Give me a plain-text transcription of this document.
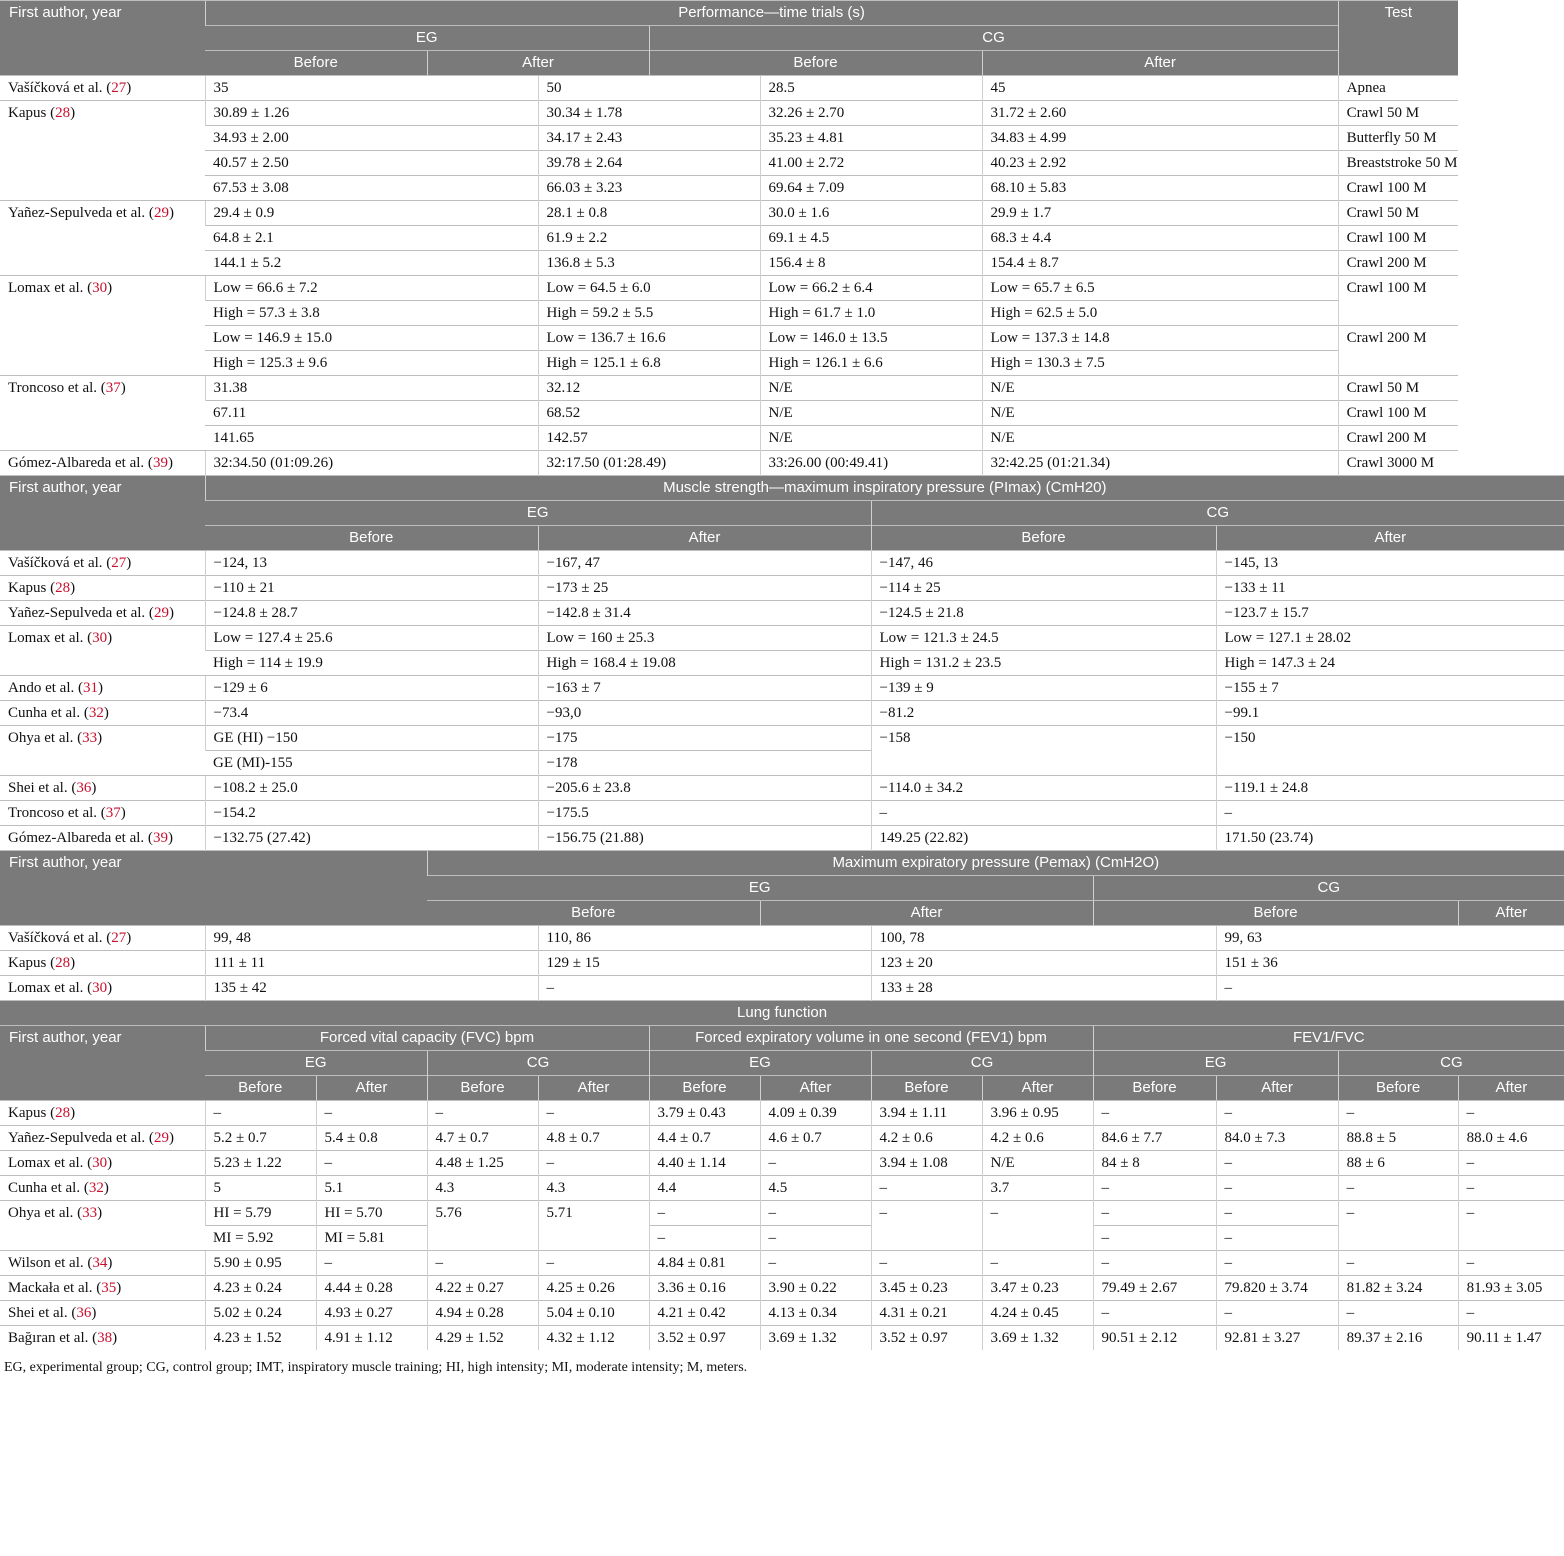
First author, year	Performance—time trials (s)										Test	
	EG				CG							
	Before		After		Before			After				
Vašíčková et al. (27)	35			50		28.5		45			Apnea	
Kapus (28)	30.89 ± 1.26			30.34 ± 1.78		32.26 ± 2.70		31.72 ± 2.60			Crawl 50 M	
	34.93 ± 2.00			34.17 ± 2.43		35.23 ± 4.81		34.83 ± 4.99			Butterfly 50 M	
	40.57 ± 2.50			39.78 ± 2.64		41.00 ± 2.72		40.23 ± 2.92			Breaststroke 50 M	
	67.53 ± 3.08			66.03 ± 3.23		69.64 ± 7.09		68.10 ± 5.83			Crawl 100 M	
Yañez-Sepulveda et al. (29)	29.4 ± 0.9			28.1 ± 0.8		30.0 ± 1.6		29.9 ± 1.7			Crawl 50 M	
	64.8 ± 2.1			61.9 ± 2.2		69.1 ± 4.5		68.3 ± 4.4			Crawl 100 M	
	144.1 ± 5.2			136.8 ± 5.3		156.4 ± 8		154.4 ± 8.7			Crawl 200 M	
Lomax et al. (30)	Low = 66.6 ± 7.2			Low = 64.5 ± 6.0		Low = 66.2 ± 6.4		Low = 65.7 ± 6.5			Crawl 100 M	
	High = 57.3 ± 3.8			High = 59.2 ± 5.5		High = 61.7 ± 1.0		High = 62.5 ± 5.0				
	Low = 146.9 ± 15.0			Low = 136.7 ± 16.6		Low = 146.0 ± 13.5		Low = 137.3 ± 14.8			Crawl 200 M	
	High = 125.3 ± 9.6			High = 125.1 ± 6.8		High = 126.1 ± 6.6		High = 130.3 ± 7.5				
Troncoso et al. (37)	31.38			32.12		N/E		N/E			Crawl 50 M	
	67.11			68.52		N/E		N/E			Crawl 100 M	
	141.65			142.57		N/E		N/E			Crawl 200 M	
Gómez-Albareda et al. (39)	32:34.50 (01:09.26)			32:17.50 (01:28.49)		33:26.00 (00:49.41)		32:42.25 (01:21.34)			Crawl 3000 M	
First author, year	Muscle strength—maximum inspiratory pressure (PImax) (CmH20)											
	EG						CG					
	Before			After			Before			After		
Vašíčková et al. (27)	−124, 13			−167, 47			−147, 46			−145, 13		
Kapus (28)	−110 ± 21			−173 ± 25			−114 ± 25			−133 ± 11		
Yañez-Sepulveda et al. (29)	−124.8 ± 28.7			−142.8 ± 31.4			−124.5 ± 21.8			−123.7 ± 15.7		
Lomax et al. (30)	Low = 127.4 ± 25.6			Low = 160 ± 25.3			Low = 121.3 ± 24.5			Low = 127.1 ± 28.02		
	High = 114 ± 19.9			High = 168.4 ± 19.08			High = 131.2 ± 23.5			High = 147.3 ± 24		
Ando et al. (31)	−129 ± 6			−163 ± 7			−139 ± 9			−155 ± 7		
Cunha et al. (32)	−73.4			−93,0			−81.2			−99.1		
Ohya et al. (33)	GE (HI) −150			−175			−158			−150		
	GE (MI)-155			−178								
Shei et al. (36)	−108.2 ± 25.0			−205.6 ± 23.8			−114.0 ± 34.2			−119.1 ± 24.8		
Troncoso et al. (37)	−154.2			−175.5			–			–		
Gómez-Albareda et al. (39)	−132.75 (27.42)			−156.75 (21.88)			149.25 (22.82)			171.50 (23.74)		
First author, year			Maximum expiratory pressure (Pemax) (CmH2O)									
			EG						CG			
			Before			After			Before			After
Vašíčková et al. (27)	99, 48			110, 86			100, 78			99, 63		
Kapus (28)	111 ± 11			129 ± 15			123 ± 20			151 ± 36		
Lomax et al. (30)	135 ± 42			–			133 ± 28			–		
Lung function												
First author, year	Forced vital capacity (FVC) bpm				Forced expiratory volume in one second (FEV1) bpm				FEV1/FVC			
	EG		CG		EG		CG		EG		CG	
	Before	After	Before	After	Before	After	Before	After	Before	After	Before	After
Kapus (28)	–	–	–	–	3.79 ± 0.43	4.09 ± 0.39	3.94 ± 1.11	3.96 ± 0.95	–	–	–	–
Yañez-Sepulveda et al. (29)	5.2 ± 0.7	5.4 ± 0.8	4.7 ± 0.7	4.8 ± 0.7	4.4 ± 0.7	4.6 ± 0.7	4.2 ± 0.6	4.2 ± 0.6	84.6 ± 7.7	84.0 ± 7.3	88.8 ± 5	88.0 ± 4.6
Lomax et al. (30)	5.23 ± 1.22	–	4.48 ± 1.25	–	4.40 ± 1.14	–	3.94 ± 1.08	N/E	84 ± 8	–	88 ± 6	–
Cunha et al. (32)	5	5.1	4.3	4.3	4.4	4.5	–	3.7	–	–	–	–
Ohya et al. (33)	HI = 5.79	HI = 5.70	5.76	5.71	–	–	–	–	–	–	–	–
	MI = 5.92	MI = 5.81			–	–			–	–		
Wilson et al. (34)	5.90 ± 0.95	–	–	–	4.84 ± 0.81	–	–	–	–	–	–	–
Mackała et al. (35)	4.23 ± 0.24	4.44 ± 0.28	4.22 ± 0.27	4.25 ± 0.26	3.36 ± 0.16	3.90 ± 0.22	3.45 ± 0.23	3.47 ± 0.23	79.49 ± 2.67	79.820 ± 3.74	81.82 ± 3.24	81.93 ± 3.05
Shei et al. (36)	5.02 ± 0.24	4.93 ± 0.27	4.94 ± 0.28	5.04 ± 0.10	4.21 ± 0.42	4.13 ± 0.34	4.31 ± 0.21	4.24 ± 0.45	–	–	–	–
Bağıran et al. (38)	4.23 ± 1.52	4.91 ± 1.12	4.29 ± 1.52	4.32 ± 1.12	3.52 ± 0.97	3.69 ± 1.32	3.52 ± 0.97	3.69 ± 1.32	90.51 ± 2.12	92.81 ± 3.27	89.37 ± 2.16	90.11 ± 1.47
EG, experimental group; CG, control group; IMT, inspiratory muscle training; HI, high intensity; MI, moderate intensity; M, meters.
